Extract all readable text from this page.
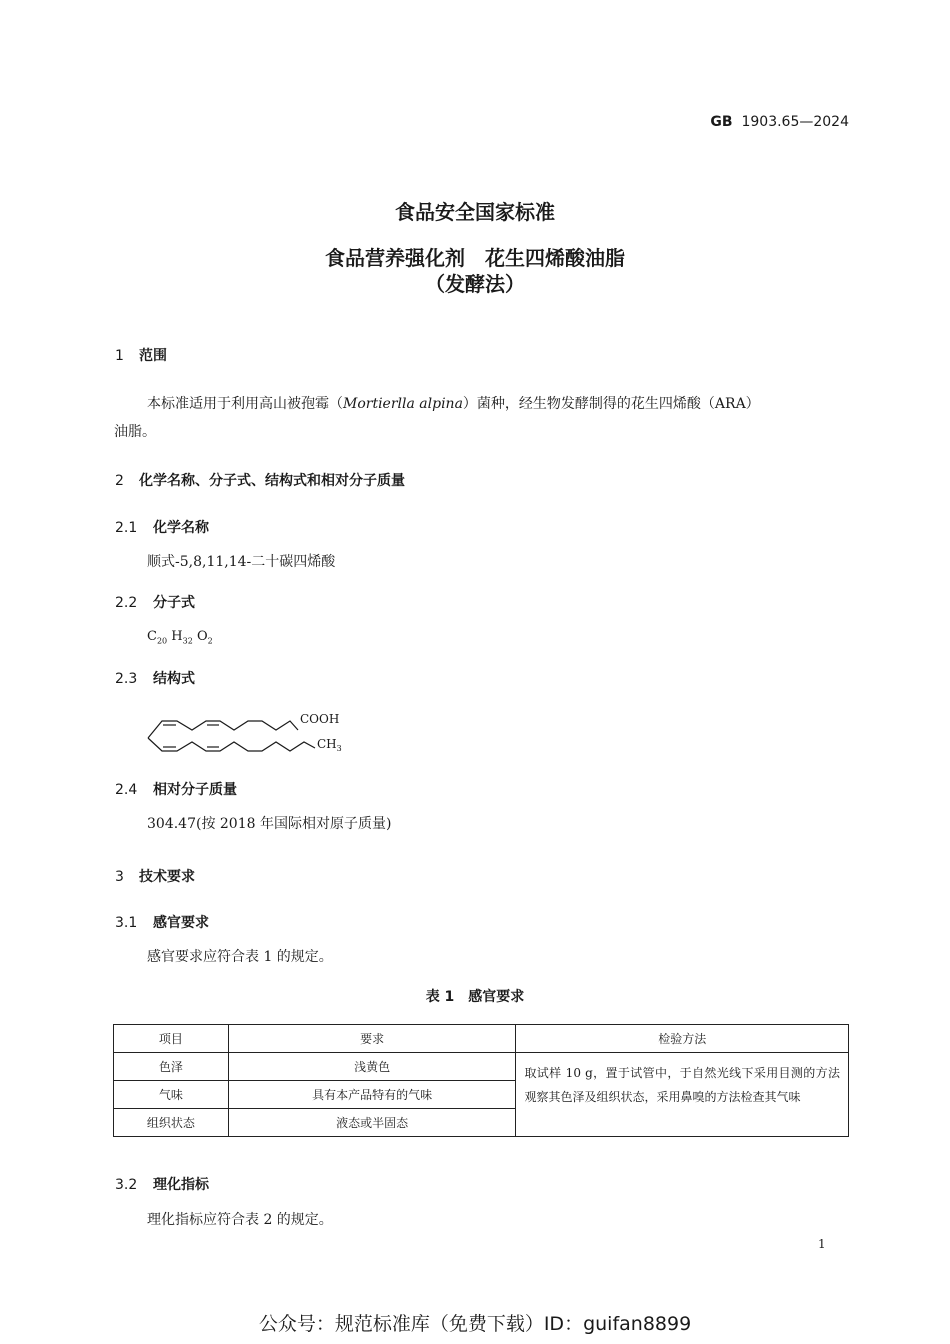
GB 1903.65—2024
食品安全国家标准
食品营养强化剂　花生四烯酸油脂
（发酵法）
1 范围
本标准适用于利用高山被孢霉（Mortierlla alpina）菌种，经生物发酵制得的花生四烯酸（ARA）
油脂。
2 化学名称、分子式、结构式和相对分子质量
2.1 化学名称
顺式-5,8,11,14-二十碳四烯酸
2.2 分子式
$C_{20}$ $H_{32}$ $O_2$
2.3 结构式
COOH
$CH_3$
2.4 相对分子质量
304.47(按 2018 年国际相对原子质量)
3 技术要求
3.1 感官要求
感官要求应符合表 1 的规定。
表 1　感官要求
项目	要求	检验方法
色泽	浅黄色	取试样 10 g，置于试管中，于自然光线下采用目测的方法观察其色泽及组织状态，采用鼻嗅的方法检查其气味
气味	具有本产品特有的气味	
组织状态	液态或半固态	
3.2 理化指标
理化指标应符合表 2 的规定。
1
公众号：规范标准库（免费下载）ID：guifan8899
